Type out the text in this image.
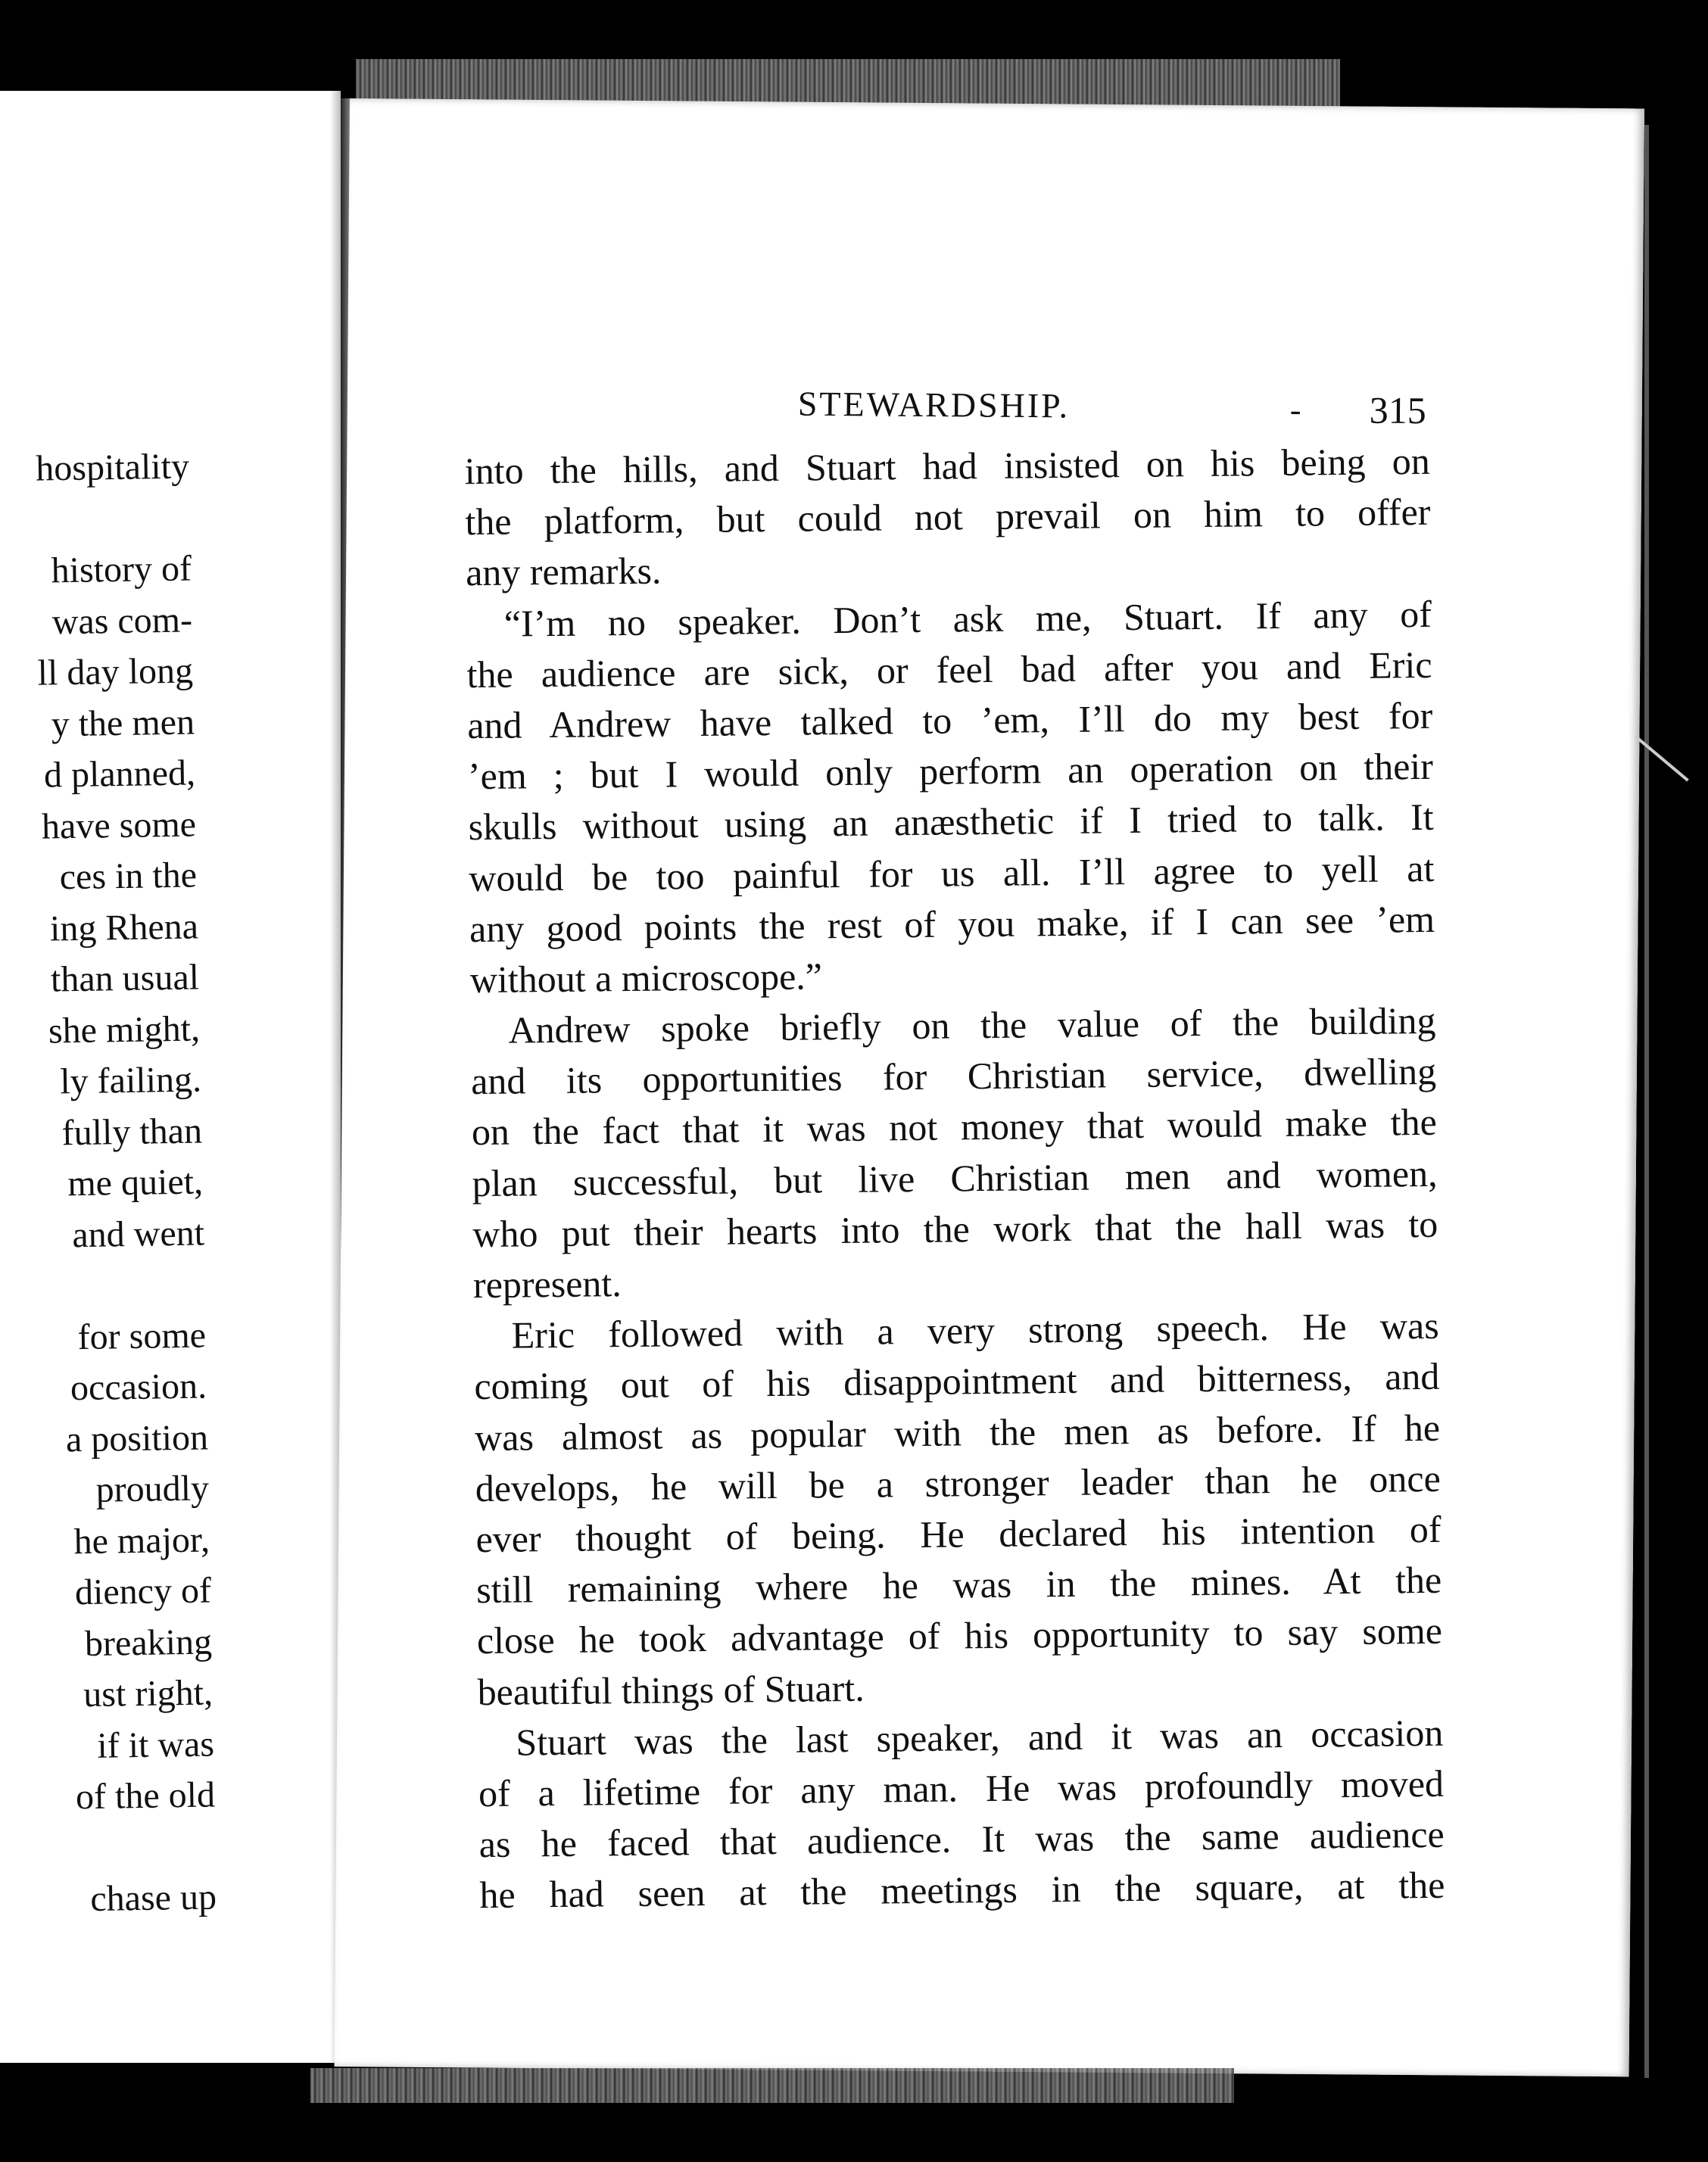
hospitality
history of
was com-
ll day long
y the men
d planned,
have some
ces in the
ing Rhena
than usual
she might,
ly failing.
fully than
me quiet,
and went
for some
occasion.
a position
proudly
he major,
diency of
breaking
ust right,
if it was
of the old
chase up
STEWARDSHIP.	- 315
into the hills, and Stuart had insisted on his being on
the platform, but could not prevail on him to offer
any remarks.
“I’m no speaker. Don’t ask me, Stuart. If any of
the audience are sick, or feel bad after you and Eric
and Andrew have talked to ’em, I’ll do my best for
’em ; but I would only perform an operation on their
skulls without using an anæsthetic if I tried to talk. It
would be too painful for us all. I’ll agree to yell at
any good points the rest of you make, if I can see ’em
without a microscope.”
Andrew spoke briefly on the value of the building
and its opportunities for Christian service, dwelling
on the fact that it was not money that would make the
plan successful, but live Christian men and women,
who put their hearts into the work that the hall was to
represent.
Eric followed with a very strong speech. He was
coming out of his disappointment and bitterness, and
was almost as popular with the men as before. If he
develops, he will be a stronger leader than he once
ever thought of being. He declared his intention of
still remaining where he was in the mines. At the
close he took advantage of his opportunity to say some
beautiful things of Stuart.
Stuart was the last speaker, and it was an occasion
of a lifetime for any man. He was profoundly moved
as he faced that audience. It was the same audience
he had seen at the meetings in the square, at the
